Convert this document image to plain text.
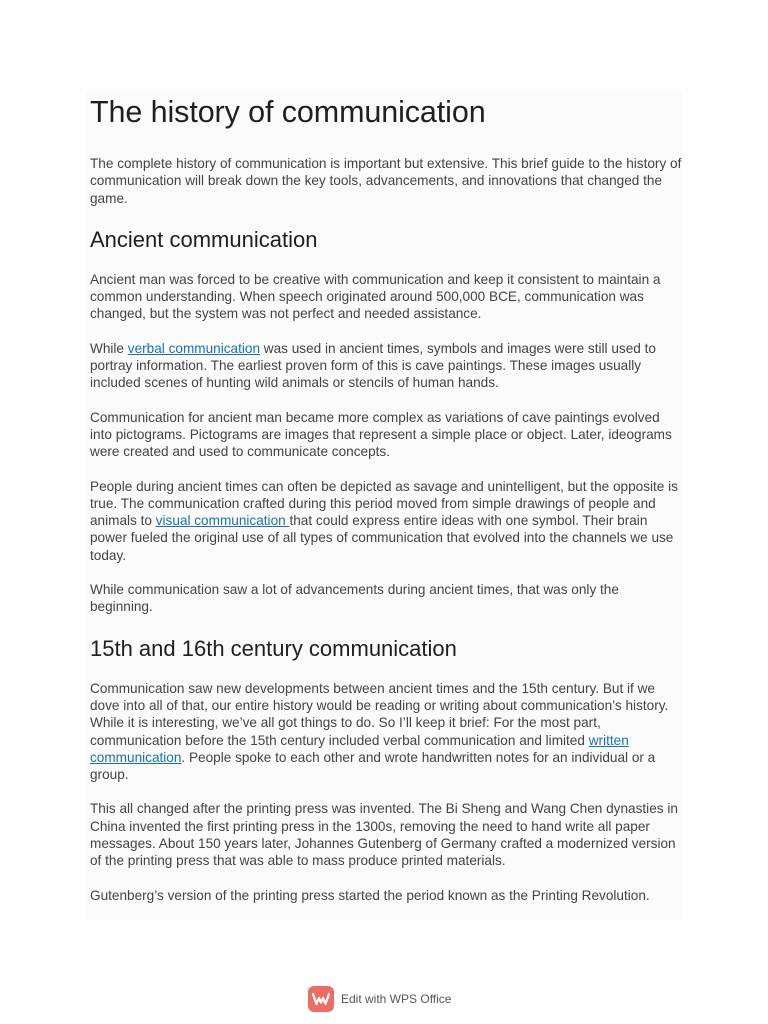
The history of communication

The complete history of communication is important but extensive. This brief guide to the history of communication will break down the key tools, advancements, and innovations that changed the game.

Ancient communication

Ancient man was forced to be creative with communication and keep it consistent to maintain a common understanding. When speech originated around 500,000 BCE, communication was changed, but the system was not perfect and needed assistance.

While verbal communication was used in ancient times, symbols and images were still used to portray information. The earliest proven form of this is cave paintings. These images usually included scenes of hunting wild animals or stencils of human hands.

Communication for ancient man became more complex as variations of cave paintings evolved into pictograms. Pictograms are images that represent a simple place or object. Later, ideograms were created and used to communicate concepts.

People during ancient times can often be depicted as savage and unintelligent, but the opposite is true. The communication crafted during this period moved from simple drawings of people and animals to visual communication that could express entire ideas with one symbol. Their brain power fueled the original use of all types of communication that evolved into the channels we use today.

While communication saw a lot of advancements during ancient times, that was only the beginning.

15th and 16th century communication

Communication saw new developments between ancient times and the 15th century. But if we dove into all of that, our entire history would be reading or writing about communication’s history. While it is interesting, we’ve all got things to do. So I’ll keep it brief: For the most part, communication before the 15th century included verbal communication and limited written communication. People spoke to each other and wrote handwritten notes for an individual or a group.

This all changed after the printing press was invented. The Bi Sheng and Wang Chen dynasties in China invented the first printing press in the 1300s, removing the need to hand write all paper messages. About 150 years later, Johannes Gutenberg of Germany crafted a modernized version of the printing press that was able to mass produce printed materials.

Gutenberg’s version of the printing press started the period known as the Printing Revolution.

Edit with WPS Office
